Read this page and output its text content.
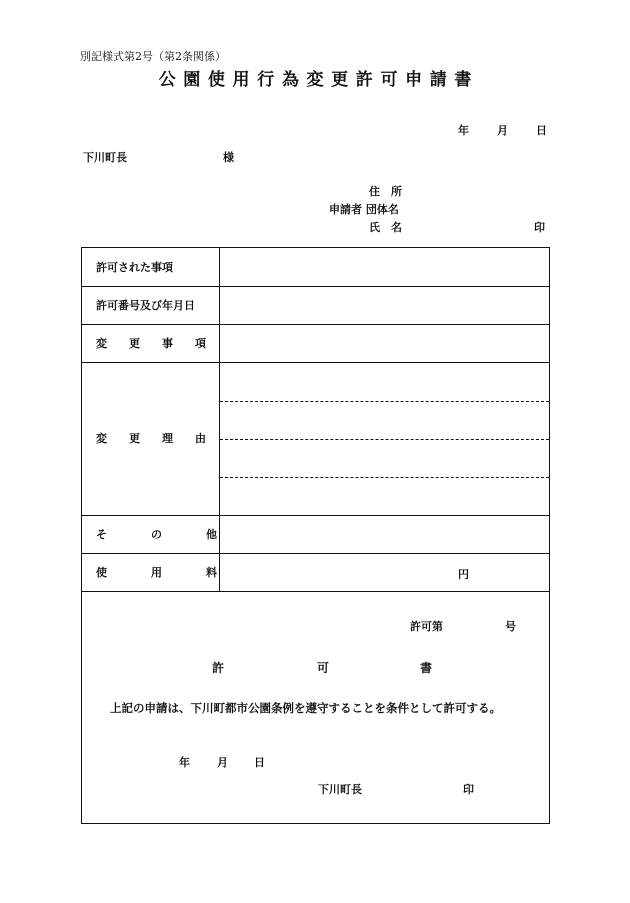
別記様式第2号（第2条関係）
公園使用行為変更許可申請書
年	月	日
下川町長	様
住　所
申請者 団体名
氏　名	印
許可された事項
許可番号及び年月日
変　　更　　事　　項
変　　更　　理　　由
そ　　　　の　　　　他
使　　　　用　　　　料	円
許可第	号
許	可	書
上記の申請は、下川町都市公園条例を遵守することを条件として許可する。
年 月 日
下川町長	印
